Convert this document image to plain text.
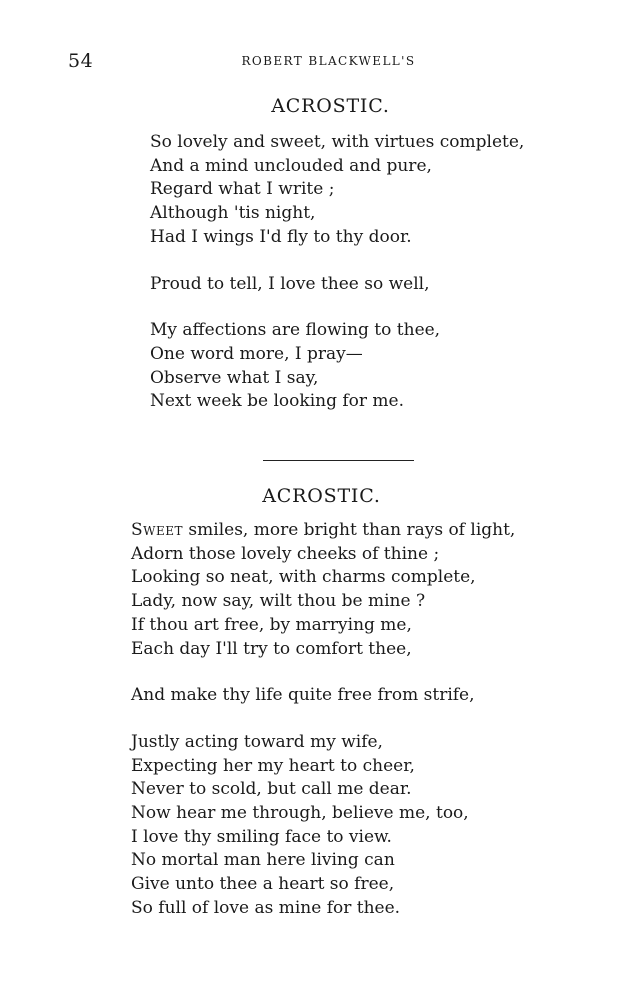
54	ROBERT BLACKWELL'S
ACROSTIC.
So lovely and sweet, with virtues complete,
And a mind unclouded and pure,
Regard what I write ;
Although 'tis night,
Had I wings I'd fly to thy door.
Proud to tell, I love thee so well,
My affections are flowing to thee,
One word more, I pray—
Observe what I say,
Next week be looking for me.
ACROSTIC.
Sweet smiles, more bright than rays of light,
Adorn those lovely cheeks of thine ;
Looking so neat, with charms complete,
Lady, now say, wilt thou be mine ?
If thou art free, by marrying me,
Each day I'll try to comfort thee,
And make thy life quite free from strife,
Justly acting toward my wife,
Expecting her my heart to cheer,
Never to scold, but call me dear.
Now hear me through, believe me, too,
I love thy smiling face to view.
No mortal man here living can
Give unto thee a heart so free,
So full of love as mine for thee.
